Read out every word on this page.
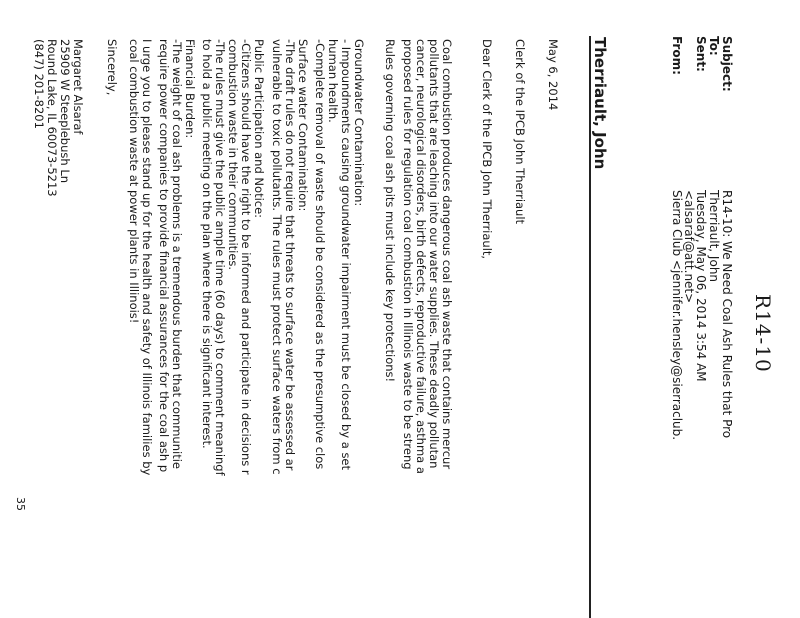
R14-10
Therriault, John	From:
Sierra Club <jennifer.hensley@sierraclub.
<alsaraf@att.net>
Sent:
Tuesday, May 06, 2014 3:54 AM
To:
Therriault, John
Subject:
R14-10: We Need Coal Ash Rules that Pro
May 6, 2014
Clerk of the IPCB John Therriault
Dear Clerk of the IPCB John Therriault,
Coal combustion produces dangerous coal ash waste that contains mercur
pollutants that are leaching into our water supplies. These deadly pollutan
cancer, neurological disorders, birth defects, reproductive failure, asthma a
proposed rules for regulation coal combustion in Illinois waste to be streng
Rules governing coal ash pits must include key protections!
Groundwater Contamination:
- Impoundments causing groundwater impairment must be closed by a set
human health.
-Complete removal of waste should be considered as the presumptive clos
Surface water Contamination:
-The draft rules do not require that threats to surface water be assessed ar
vulnerable to toxic pollutants. The rules must protect surface waters from c
Public Participation and Notice:
-Citizens should have the right to be informed and participate in decisions r
combustion waste in their communities.
-The rules must give the public ample time (60 days) to comment meaningf
to hold a public meeting on the plan where there is significant interest.
Financial Burden:
-The weight of coal ash problems is a tremendous burden that communitie
require power companies to provide financial assurances for the coal ash p
I urge you to please stand up for the health and safety of Illinois families by
coal combustion waste at power plants in Illinois!
Sincerely,
Margaret Alsaraf
25909 W Steeplebush Ln
Round Lake, IL 60073-5213
(847) 201-8201
35
